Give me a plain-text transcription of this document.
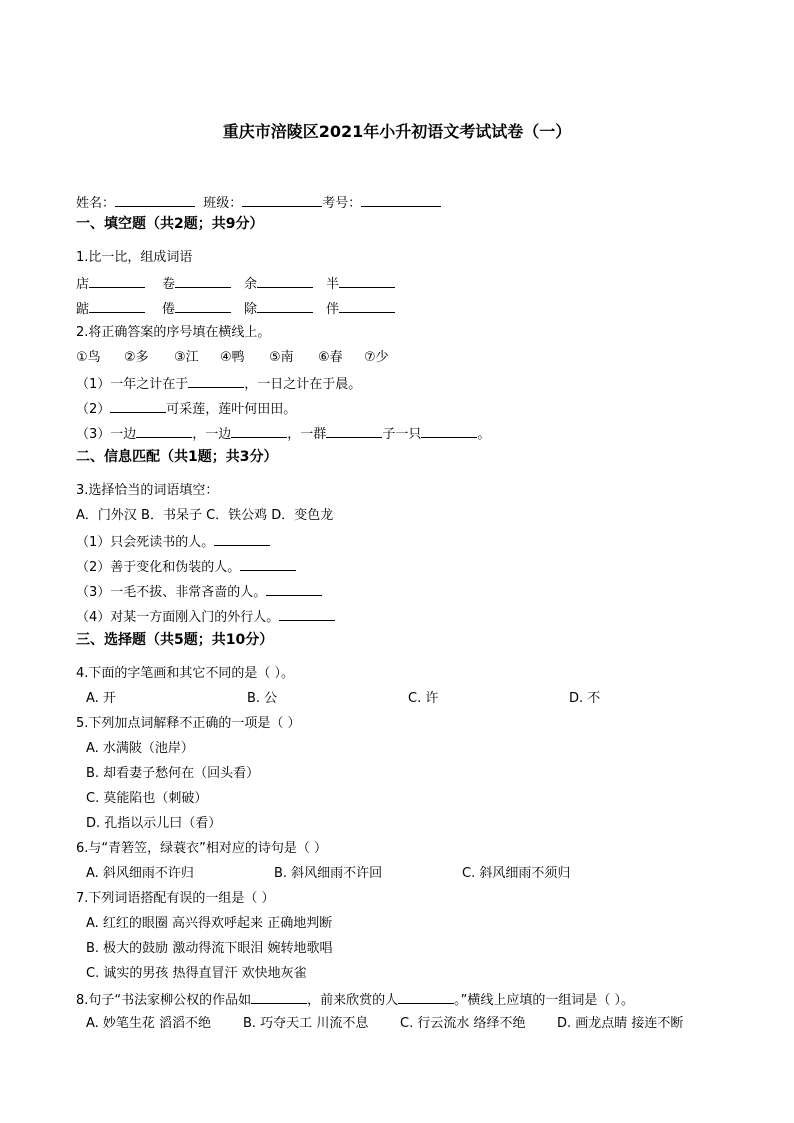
重庆市涪陵区2021年小升初语文考试试卷（一）
姓名：	班级：	考号：
一、填空题（共2题；共9分）
1.比一比，组成词语
店	卷	余	半
踮	倦	除	伴
2.将正确答案的序号填在横线上。
①鸟 ②多 ③江 ④鸭 ⑤南 ⑥春 ⑦少
（1）一年之计在于	，一日之计在于晨。
（2）	可采莲，莲叶何田田。
（3）一边	，一边	，一群	子一只	。
二、信息匹配（共1题；共3分）
3.选择恰当的词语填空：
A．门外汉 B．书呆子 C．铁公鸡 D．变色龙
（1）只会死读书的人。
（2）善于变化和伪装的人。
（3）一毛不拔、非常吝啬的人。
（4）对某一方面刚入门的外行人。
三、选择题（共5题；共10分）
4.下面的字笔画和其它不同的是（ ）。
A. 开	B. 公	C. 许	D. 不
5.下列加点词解释不正确的一项是（ ）
A. 水满陂（池岸）
B. 却看妻子愁何在（回头看）
C. 莫能陷也（刺破）
D. 孔指以示儿曰（看）
6.与“青箬笠，绿蓑衣”相对应的诗句是（ ）
A. 斜风细雨不许归	B. 斜风细雨不许回	C. 斜风细雨不须归
7.下列词语搭配有误的一组是（ ）
A. 红红的眼圈 高兴得欢呼起来 正确地判断
B. 极大的鼓励 激动得流下眼泪 婉转地歌唱
C. 诚实的男孩 热得直冒汗 欢快地灰雀
8.句子“书法家柳公权的作品如	，前来欣赏的人	。”横线上应填的一组词是（ ）。
A. 妙笔生花 滔滔不绝 B. 巧夺天工 川流不息 C. 行云流水 络绎不绝 D. 画龙点睛 接连不断
